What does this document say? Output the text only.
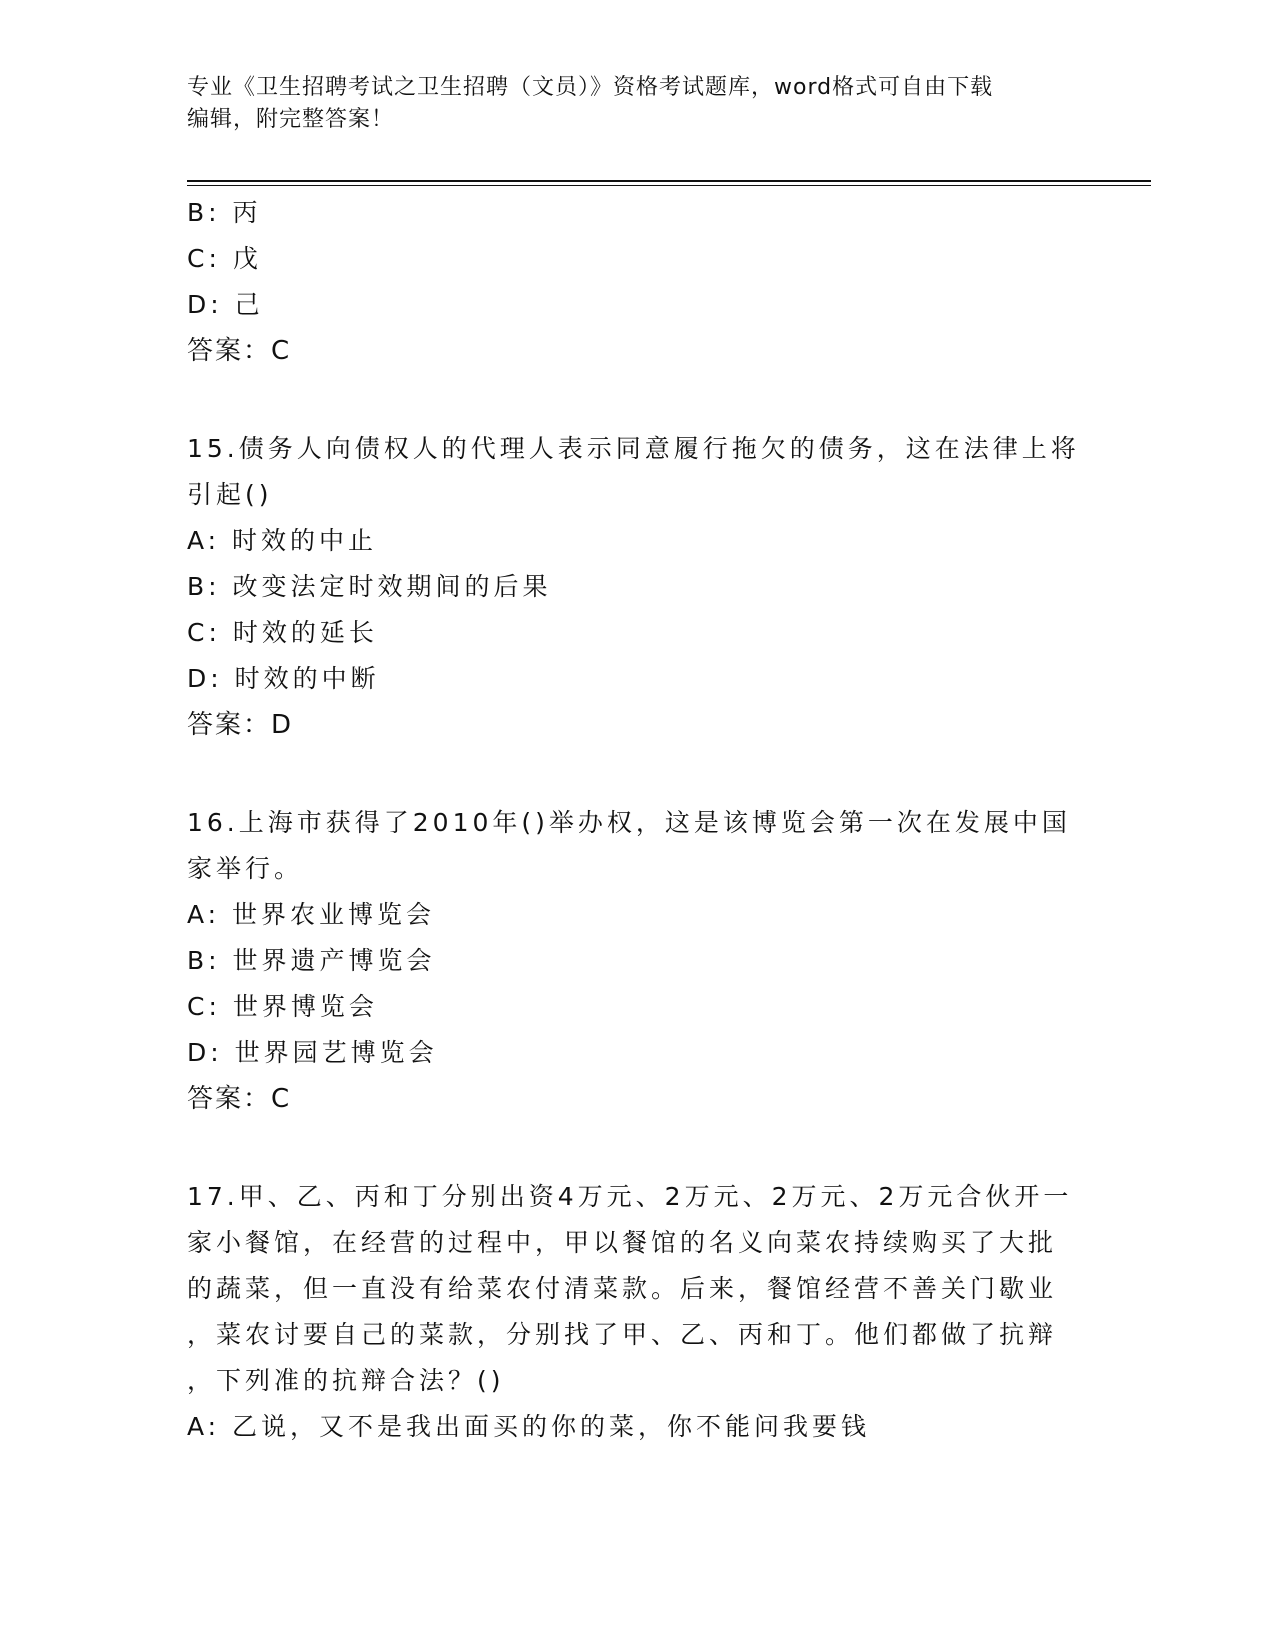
专业《卫生招聘考试之卫生招聘（文员）》资格考试题库，word格式可自由下载
编辑，附完整答案！
B: 丙
C: 戊
D: 己
答案：C
15.债务人向债权人的代理人表示同意履行拖欠的债务，这在法律上将
引起()
A: 时效的中止
B: 改变法定时效期间的后果
C: 时效的延长
D: 时效的中断
答案：D
16.上海市获得了2010年()举办权，这是该博览会第一次在发展中国
家举行。
A: 世界农业博览会
B: 世界遗产博览会
C: 世界博览会
D: 世界园艺博览会
答案：C
17.甲、乙、丙和丁分别出资4万元、2万元、2万元、2万元合伙开一
家小餐馆，在经营的过程中，甲以餐馆的名义向菜农持续购买了大批
的蔬菜，但一直没有给菜农付清菜款。后来，餐馆经营不善关门歇业
，菜农讨要自己的菜款，分别找了甲、乙、丙和丁。他们都做了抗辩
，下列准的抗辩合法？()
A: 乙说，又不是我出面买的你的菜，你不能问我要钱
